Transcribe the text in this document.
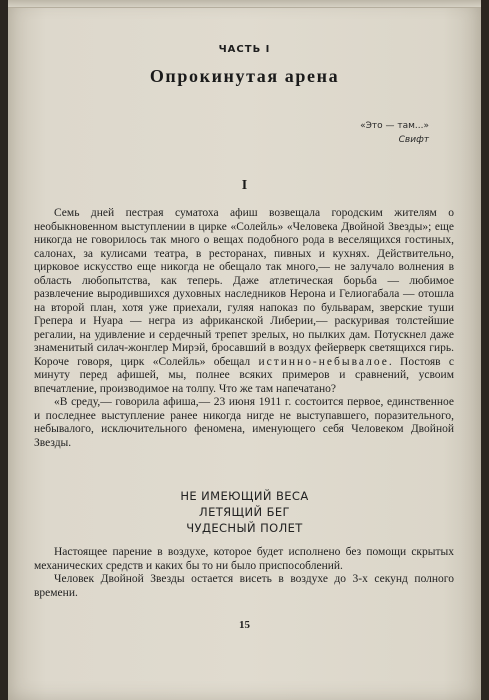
ЧАСТЬ I
Опрокинутая арена
«Это — там...»
Свифт
I

Семь дней пестрая суматоха афиш возвещала городским жителям о необыкновенном выступлении в цирке «Солейль» «Человека Двойной Звезды»; еще никогда не говорилось так много о вещах подобного рода в веселящихся гостиных, салонах, за кулисами театра, в ресторанах, пивных и кухнях. Действительно, цирковое искусство еще никогда не обещало так много,— не залучало волнения в область любопытства, как теперь. Даже атлетическая борьба — любимое развлечение выродившихся духовных наследников Нерона и Гелиогабала — отошла на второй план, хотя уже приехали, гуляя напоказ по бульварам, зверские туши Грепера и Нуара — негра из африканской Либерии,— раскуривая толстейшие регалии, на удивление и сердечный трепет зрелых, но пылких дам. Потускнел даже знаменитый силач-жонглер Мирэй, бросавший в воздух фейерверк светящихся гирь. Короче говоря, цирк «Солейль» обещал истинно-небывалое. Постояв с минуту перед афишей, мы, полнее всяких примеров и сравнений, усвоим впечатление, производимое на толпу. Что же там напечатано?

«В среду,— говорила афиша,— 23 июня 1911 г. состоится первое, единственное и последнее выступление ранее никогда нигде не выступавшего, поразительного, небывалого, исключительного феномена, именующего себя Человеком Двойной Звезды.

НЕ ИМЕЮЩИЙ ВЕСА
ЛЕТЯЩИЙ БЕГ
ЧУДЕСНЫЙ ПОЛЕТ

Настоящее парение в воздухе, которое будет исполнено без помощи скрытых механических средств и каких бы то ни было приспособлений.

Человек Двойной Звезды остается висеть в воздухе до 3-х секунд полного времени.

15
